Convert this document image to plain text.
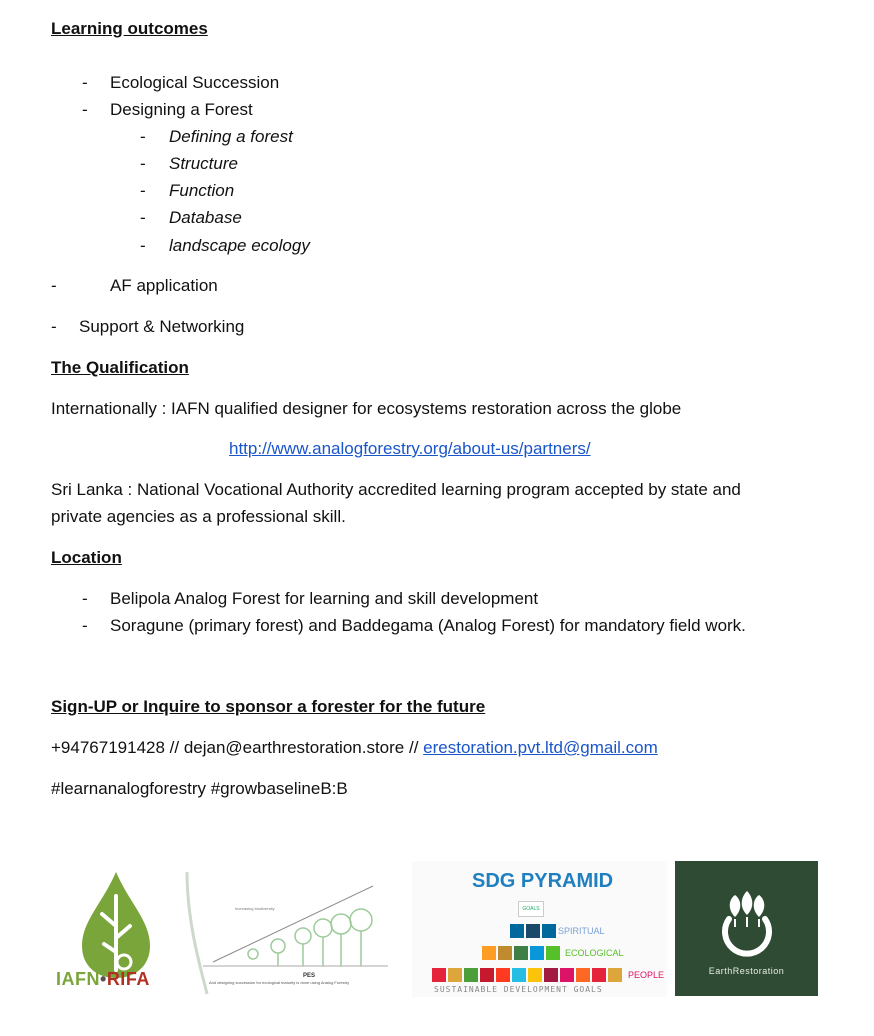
Learning outcomes
- Ecological Succession
- Designing a Forest
- Defining a forest
- Structure
- Function
- Database
- landscape ecology
-	AF application
- Support & Networking
The Qualification
Internationally : IAFN qualified designer for ecosystems restoration across the globe
http://www.analogforestry.org/about-us/partners/
Sri Lanka : National Vocational Authority accredited learning program accepted by state and
private agencies as a professional skill.
Location
- Belipola Analog Forest for learning and skill development
- Soragune (primary forest) and Baddegama (Analog Forest) for mandatory field work.
Sign-UP or Inquire to sponsor a forester for the future
+94767191428 // dejan@earthrestoration.store // erestoration.pvt.ltd@gmail.com
#learnanalogforestry #growbaselineB:B
IAFN•RIFA
Increasing biodiversity
PES
And designing succession for ecological maturity is done using Analog Forestry
SDG PYRAMID
GOALS
SPIRITUAL
ECOLOGICAL
PEOPLE
SUSTAINABLE DEVELOPMENT GOALS
EarthRestoration
